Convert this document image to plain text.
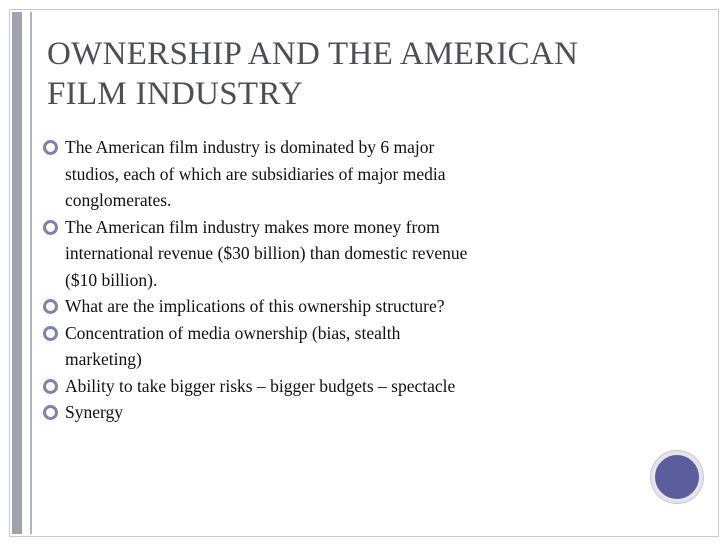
OWNERSHIP AND THE AMERICAN
FILM INDUSTRY
The American film industry is dominated by 6 major
studios, each of which are subsidiaries of major media
conglomerates.
The American film industry makes more money from
international revenue ($30 billion) than domestic revenue
($10 billion).
What are the implications of this ownership structure?
Concentration of media ownership (bias, stealth
marketing)
Ability to take bigger risks – bigger budgets – spectacle
Synergy
